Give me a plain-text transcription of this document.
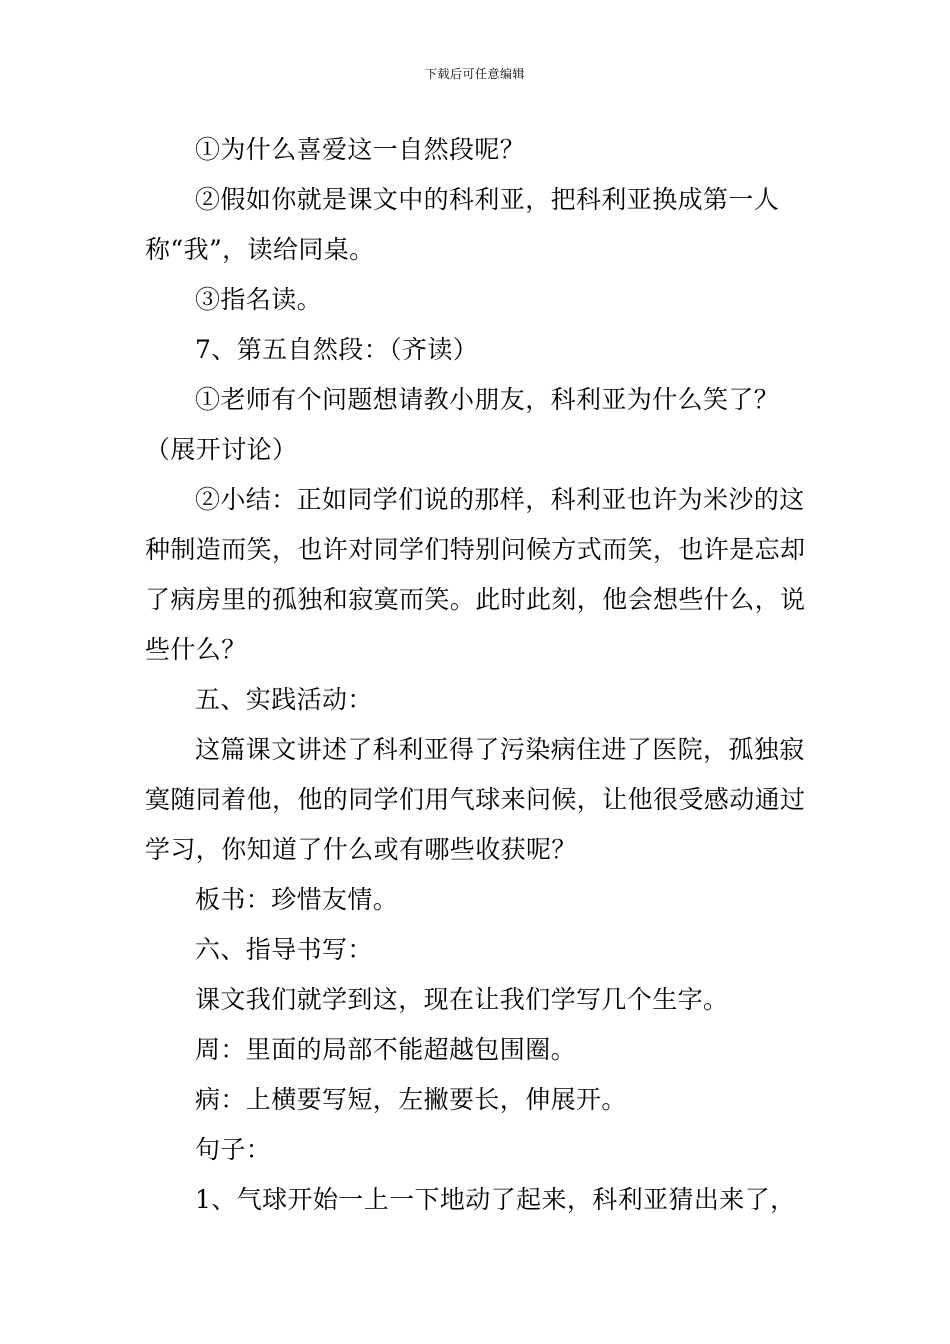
下载后可任意编辑

①为什么喜爱这一自然段呢？

②假如你就是课文中的科利亚，把科利亚换成第一人称“我”，读给同桌。

③指名读。

7、第五自然段：（齐读）

①老师有个问题想请教小朋友，科利亚为什么笑了？（展开讨论）

②小结：正如同学们说的那样，科利亚也许为米沙的这种制造而笑，也许对同学们特别问候方式而笑，也许是忘却了病房里的孤独和寂寞而笑。此时此刻，他会想些什么，说些什么？

五、实践活动：

这篇课文讲述了科利亚得了污染病住进了医院，孤独寂寞随同着他，他的同学们用气球来问候，让他很受感动通过学习，你知道了什么或有哪些收获呢？

板书：珍惜友情。

六、指导书写：

课文我们就学到这，现在让我们学写几个生字。

周：里面的局部不能超越包围圈。

病：上横要写短，左撇要长，伸展开。

句子：

1、气球开始一上一下地动了起来，科利亚猜出来了，
